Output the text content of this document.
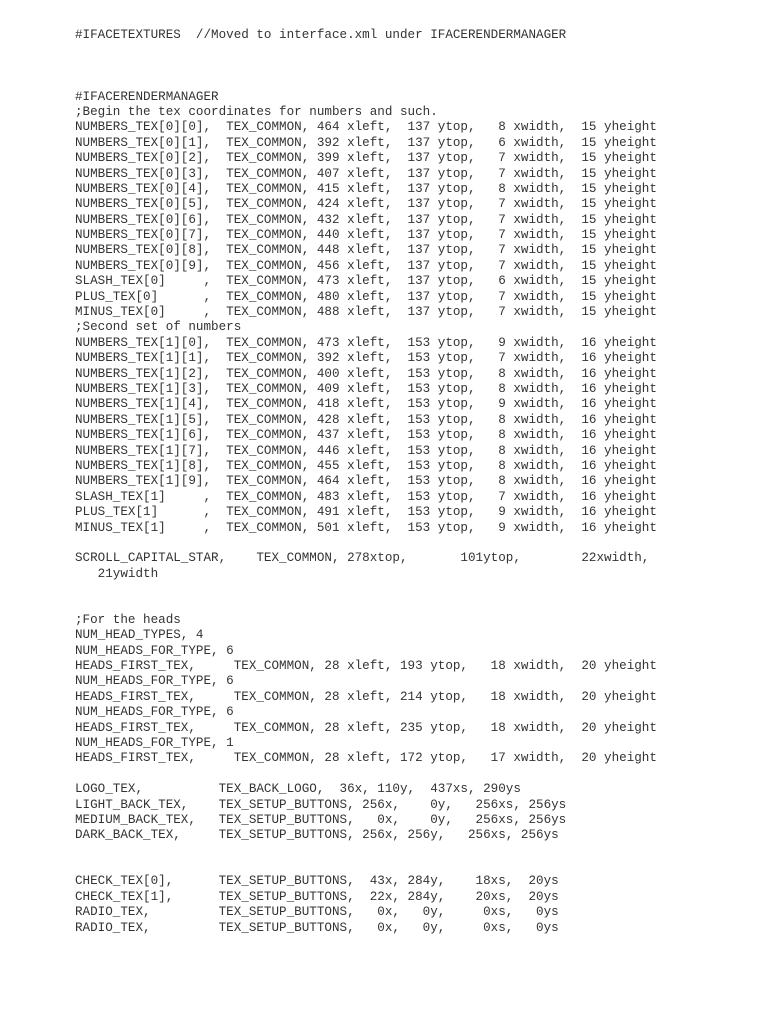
#IFACETEXTURES  //Moved to interface.xml under IFACERENDERMANAGER
#IFACERENDERMANAGER
;Begin the tex coordinates for numbers and such.
NUMBERS_TEX[0][0],  TEX_COMMON, 464 xleft,  137 ytop,   8 xwidth,  15 yheight
NUMBERS_TEX[0][1],  TEX_COMMON, 392 xleft,  137 ytop,   6 xwidth,  15 yheight
NUMBERS_TEX[0][2],  TEX_COMMON, 399 xleft,  137 ytop,   7 xwidth,  15 yheight
NUMBERS_TEX[0][3],  TEX_COMMON, 407 xleft,  137 ytop,   7 xwidth,  15 yheight
NUMBERS_TEX[0][4],  TEX_COMMON, 415 xleft,  137 ytop,   8 xwidth,  15 yheight
NUMBERS_TEX[0][5],  TEX_COMMON, 424 xleft,  137 ytop,   7 xwidth,  15 yheight
NUMBERS_TEX[0][6],  TEX_COMMON, 432 xleft,  137 ytop,   7 xwidth,  15 yheight
NUMBERS_TEX[0][7],  TEX_COMMON, 440 xleft,  137 ytop,   7 xwidth,  15 yheight
NUMBERS_TEX[0][8],  TEX_COMMON, 448 xleft,  137 ytop,   7 xwidth,  15 yheight
NUMBERS_TEX[0][9],  TEX_COMMON, 456 xleft,  137 ytop,   7 xwidth,  15 yheight
SLASH_TEX[0]     ,  TEX_COMMON, 473 xleft,  137 ytop,   6 xwidth,  15 yheight
PLUS_TEX[0]      ,  TEX_COMMON, 480 xleft,  137 ytop,   7 xwidth,  15 yheight
MINUS_TEX[0]     ,  TEX_COMMON, 488 xleft,  137 ytop,   7 xwidth,  15 yheight
;Second set of numbers
NUMBERS_TEX[1][0],  TEX_COMMON, 473 xleft,  153 ytop,   9 xwidth,  16 yheight
NUMBERS_TEX[1][1],  TEX_COMMON, 392 xleft,  153 ytop,   7 xwidth,  16 yheight
NUMBERS_TEX[1][2],  TEX_COMMON, 400 xleft,  153 ytop,   8 xwidth,  16 yheight
NUMBERS_TEX[1][3],  TEX_COMMON, 409 xleft,  153 ytop,   8 xwidth,  16 yheight
NUMBERS_TEX[1][4],  TEX_COMMON, 418 xleft,  153 ytop,   9 xwidth,  16 yheight
NUMBERS_TEX[1][5],  TEX_COMMON, 428 xleft,  153 ytop,   8 xwidth,  16 yheight
NUMBERS_TEX[1][6],  TEX_COMMON, 437 xleft,  153 ytop,   8 xwidth,  16 yheight
NUMBERS_TEX[1][7],  TEX_COMMON, 446 xleft,  153 ytop,   8 xwidth,  16 yheight
NUMBERS_TEX[1][8],  TEX_COMMON, 455 xleft,  153 ytop,   8 xwidth,  16 yheight
NUMBERS_TEX[1][9],  TEX_COMMON, 464 xleft,  153 ytop,   8 xwidth,  16 yheight
SLASH_TEX[1]     ,  TEX_COMMON, 483 xleft,  153 ytop,   7 xwidth,  16 yheight
PLUS_TEX[1]      ,  TEX_COMMON, 491 xleft,  153 ytop,   9 xwidth,  16 yheight
MINUS_TEX[1]     ,  TEX_COMMON, 501 xleft,  153 ytop,   9 xwidth,  16 yheight
SCROLL_CAPITAL_STAR,    TEX_COMMON, 278xtop,       101ytop,        22xwidth,
21ywidth
;For the heads
NUM_HEAD_TYPES, 4
NUM_HEADS_FOR_TYPE, 6
HEADS_FIRST_TEX,     TEX_COMMON, 28 xleft, 193 ytop,   18 xwidth,  20 yheight
NUM_HEADS_FOR_TYPE, 6
HEADS_FIRST_TEX,     TEX_COMMON, 28 xleft, 214 ytop,   18 xwidth,  20 yheight
NUM_HEADS_FOR_TYPE, 6
HEADS_FIRST_TEX,     TEX_COMMON, 28 xleft, 235 ytop,   18 xwidth,  20 yheight
NUM_HEADS_FOR_TYPE, 1
HEADS_FIRST_TEX,     TEX_COMMON, 28 xleft, 172 ytop,   17 xwidth,  20 yheight
LOGO_TEX,          TEX_BACK_LOGO,  36x, 110y,  437xs, 290ys
LIGHT_BACK_TEX,    TEX_SETUP_BUTTONS, 256x,    0y,   256xs, 256ys
MEDIUM_BACK_TEX,   TEX_SETUP_BUTTONS,   0x,    0y,   256xs, 256ys
DARK_BACK_TEX,     TEX_SETUP_BUTTONS, 256x, 256y,   256xs, 256ys
CHECK_TEX[0],      TEX_SETUP_BUTTONS,  43x, 284y,    18xs,  20ys
CHECK_TEX[1],      TEX_SETUP_BUTTONS,  22x, 284y,    20xs,  20ys
RADIO_TEX,         TEX_SETUP_BUTTONS,   0x,   0y,     0xs,   0ys
RADIO_TEX,         TEX_SETUP_BUTTONS,   0x,   0y,     0xs,   0ys
